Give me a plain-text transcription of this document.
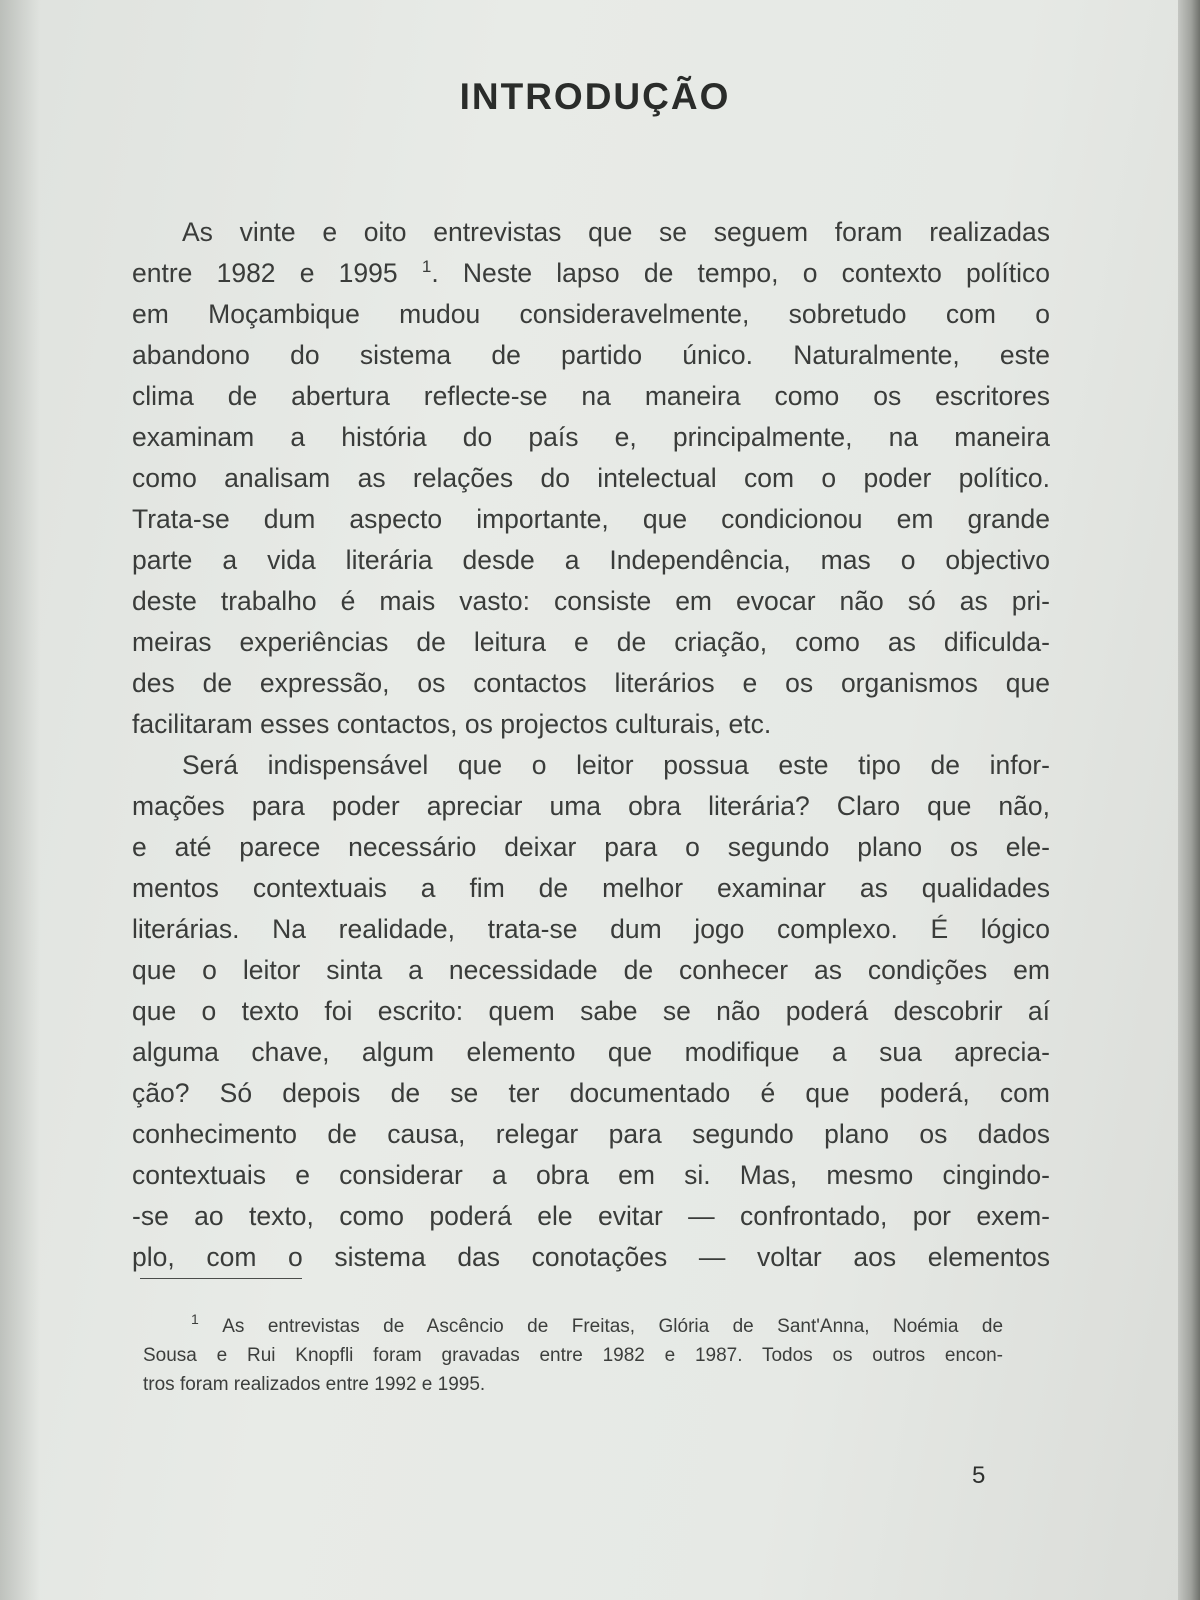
INTRODUÇÃO
As vinte e oito entrevistas que se seguem foram realizadas
entre 1982 e 1995 $^1$. Neste lapso de tempo, o contexto político
em Moçambique mudou consideravelmente, sobretudo com o
abandono do sistema de partido único. Naturalmente, este
clima de abertura reflecte-se na maneira como os escritores
examinam a história do país e, principalmente, na maneira
como analisam as relações do intelectual com o poder político.
Trata-se dum aspecto importante, que condicionou em grande
parte a vida literária desde a Independência, mas o objectivo
deste trabalho é mais vasto: consiste em evocar não só as pri-
meiras experiências de leitura e de criação, como as dificulda-
des de expressão, os contactos literários e os organismos que
facilitaram esses contactos, os projectos culturais, etc.
Será indispensável que o leitor possua este tipo de infor-
mações para poder apreciar uma obra literária? Claro que não,
e até parece necessário deixar para o segundo plano os ele-
mentos contextuais a fim de melhor examinar as qualidades
literárias. Na realidade, trata-se dum jogo complexo. É lógico
que o leitor sinta a necessidade de conhecer as condições em
que o texto foi escrito: quem sabe se não poderá descobrir aí
alguma chave, algum elemento que modifique a sua aprecia-
ção? Só depois de se ter documentado é que poderá, com
conhecimento de causa, relegar para segundo plano os dados
contextuais e considerar a obra em si. Mas, mesmo cingindo-
-se ao texto, como poderá ele evitar — confrontado, por exem-
plo, com o sistema das conotações — voltar aos elementos
$^1$ As entrevistas de Ascêncio de Freitas, Glória de Sant'Anna, Noémia de
Sousa e Rui Knopfli foram gravadas entre 1982 e 1987. Todos os outros encon-
tros foram realizados entre 1992 e 1995.
5
